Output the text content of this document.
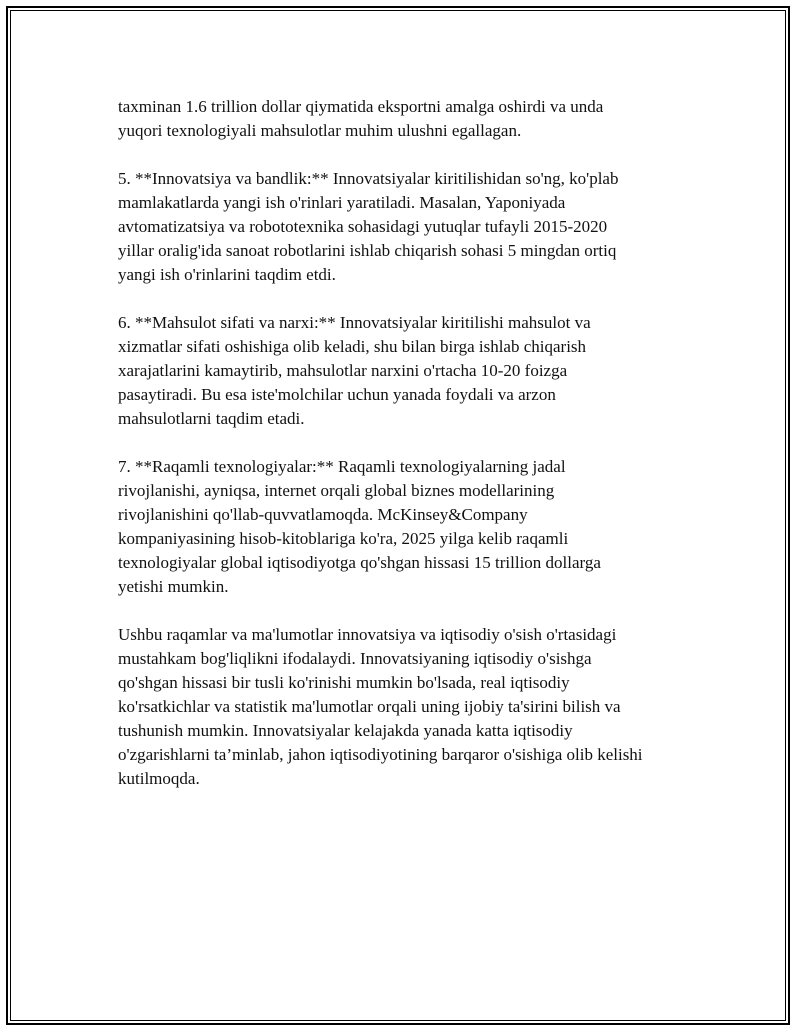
taxminan 1.6 trillion dollar qiymatida eksportni amalga oshirdi va unda
yuqori texnologiyali mahsulotlar muhim ulushni egallagan.

5. **Innovatsiya va bandlik:** Innovatsiyalar kiritilishidan so'ng, ko'plab
mamlakatlarda yangi ish o'rinlari yaratiladi. Masalan, Yaponiyada
avtomatizatsiya va robototexnika sohasidagi yutuqlar tufayli 2015-2020
yillar oralig'ida sanoat robotlarini ishlab chiqarish sohasi 5 mingdan ortiq
yangi ish o'rinlarini taqdim etdi.

6. **Mahsulot sifati va narxi:** Innovatsiyalar kiritilishi mahsulot va
xizmatlar sifati oshishiga olib keladi, shu bilan birga ishlab chiqarish
xarajatlarini kamaytirib, mahsulotlar narxini o'rtacha 10-20 foizga
pasaytiradi. Bu esa iste'molchilar uchun yanada foydali va arzon
mahsulotlarni taqdim etadi.

7. **Raqamli texnologiyalar:** Raqamli texnologiyalarning jadal
rivojlanishi, ayniqsa, internet orqali global biznes modellarining
rivojlanishini qo'llab-quvvatlamoqda. McKinsey&Company
kompaniyasining hisob-kitoblariga ko'ra, 2025 yilga kelib raqamli
texnologiyalar global iqtisodiyotga qo'shgan hissasi 15 trillion dollarga
yetishi mumkin.

Ushbu raqamlar va ma'lumotlar innovatsiya va iqtisodiy o'sish o'rtasidagi
mustahkam bog'liqlikni ifodalaydi. Innovatsiyaning iqtisodiy o'sishga
qo'shgan hissasi bir tusli ko'rinishi mumkin bo'lsada, real iqtisodiy
ko'rsatkichlar va statistik ma'lumotlar orqali uning ijobiy ta'sirini bilish va
tushunish mumkin. Innovatsiyalar kelajakda yanada katta iqtisodiy
o'zgarishlarni ta’minlab, jahon iqtisodiyotining barqaror o'sishiga olib kelishi
kutilmoqda.
